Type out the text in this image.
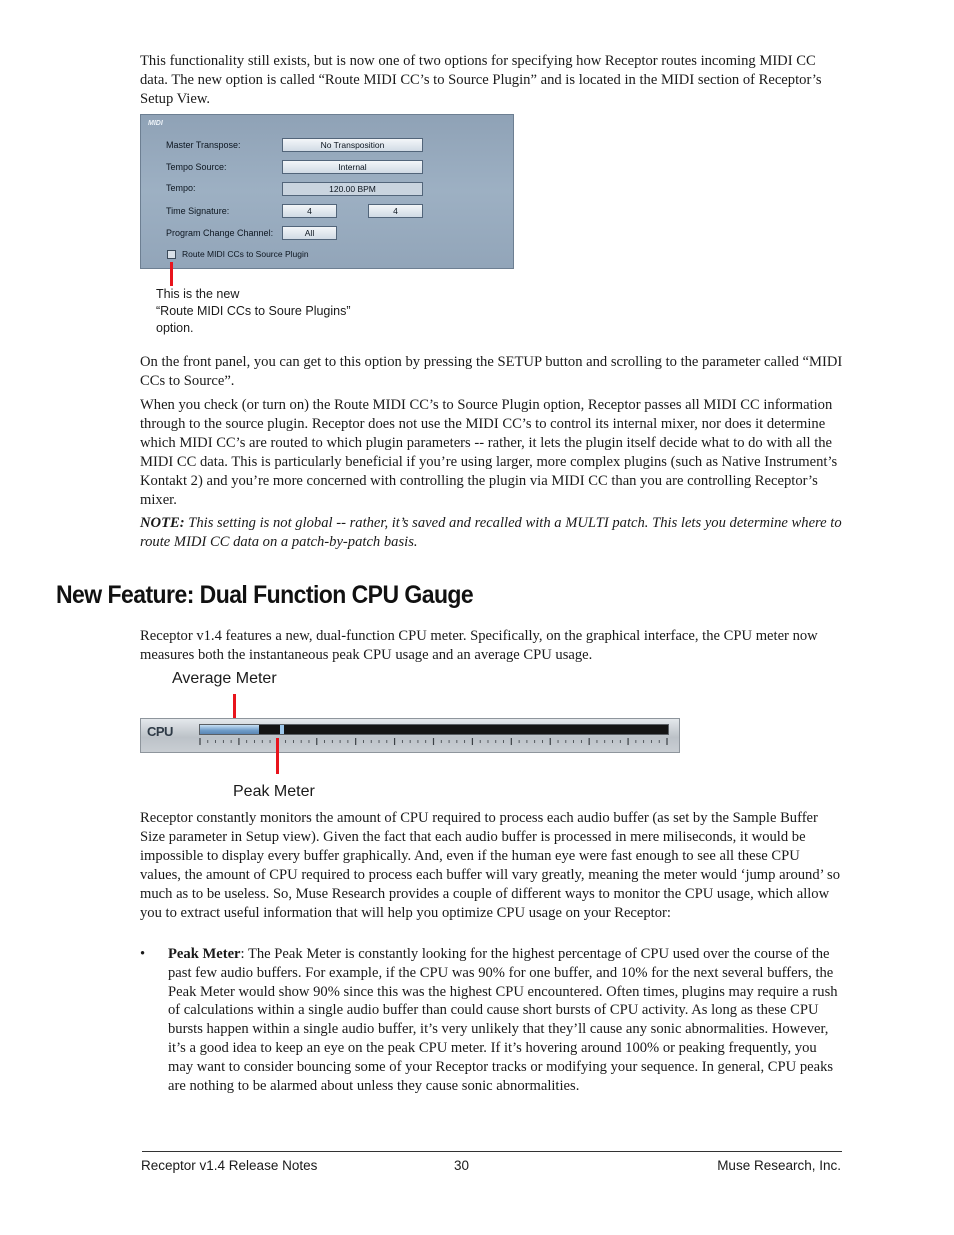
This functionality still exists, but is now one of two options for specifying how Receptor routes incoming MIDI CC data. The new option is called “Route MIDI CC’s to Source Plugin” and is located in the MIDI section of Receptor’s Setup View.

MIDI
Master Transpose:	No Transposition
Tempo Source:	Internal
Tempo:	120.00 BPM
Time Signature:	4	4
Program Change Channel:	All
Route MIDI CCs to Source Plugin
This is the new
“Route MIDI CCs to Soure Plugins”
option.

On the front panel, you can get to this option by pressing the SETUP button and scrolling to the parameter called “MIDI CCs to Source”.

When you check (or turn on) the Route MIDI CC’s to Source Plugin option, Receptor passes all MIDI CC information through to the source plugin. Receptor does not use the MIDI CC’s to control its internal mixer, nor does it determine which MIDI CC’s are routed to which plugin parameters -- rather, it lets the plugin itself decide what to do with all the MIDI CC data. This is particularly beneficial if you’re using larger, more complex plugins (such as Native Instrument’s Kontakt 2) and you’re more concerned with controlling the plugin via MIDI CC than you are controlling Receptor’s mixer.

NOTE: This setting is not global -- rather, it’s saved and recalled with a MULTI patch. This lets you determine where to route MIDI CC data on a patch-by-patch basis.

New Feature: Dual Function CPU Gauge

Receptor v1.4 features a new, dual-function CPU meter. Specifically, on the graphical interface, the CPU meter now measures both the instantaneous peak CPU usage and an average CPU usage.

Average Meter
CPU
Peak Meter

Receptor constantly monitors the amount of CPU required to process each audio buffer (as set by the Sample Buffer Size parameter in Setup view). Given the fact that each audio buffer is processed in mere miliseconds, it would be impossible to display every buffer graphically. And, even if the human eye were fast enough to see all these CPU values, the amount of CPU required to process each buffer will vary greatly, meaning the meter would ‘jump around’ so much as to be useless. So, Muse Research provides a couple of different ways to monitor the CPU usage, which allow you to extract useful information that will help you optimize CPU usage on your Receptor:

• Peak Meter: The Peak Meter is constantly looking for the highest percentage of CPU used over the course of the past few audio buffers. For example, if the CPU was 90% for one buffer, and 10% for the next several buffers, the Peak Meter would show 90% since this was the highest CPU encountered. Often times, plugins may require a rush of calculations within a single audio buffer than could cause short bursts of CPU activity. As long as these CPU bursts happen within a single audio buffer, it’s very unlikely that they’ll cause any sonic abnormalities. However, it’s a good idea to keep an eye on the peak CPU meter. If it’s hovering around 100% or peaking frequently, you may want to consider bouncing some of your Receptor tracks or modifying your sequence. In general, CPU peaks are nothing to be alarmed about unless they cause sonic abnormalities.
Receptor v1.4 Release Notes	30	Muse Research, Inc.
